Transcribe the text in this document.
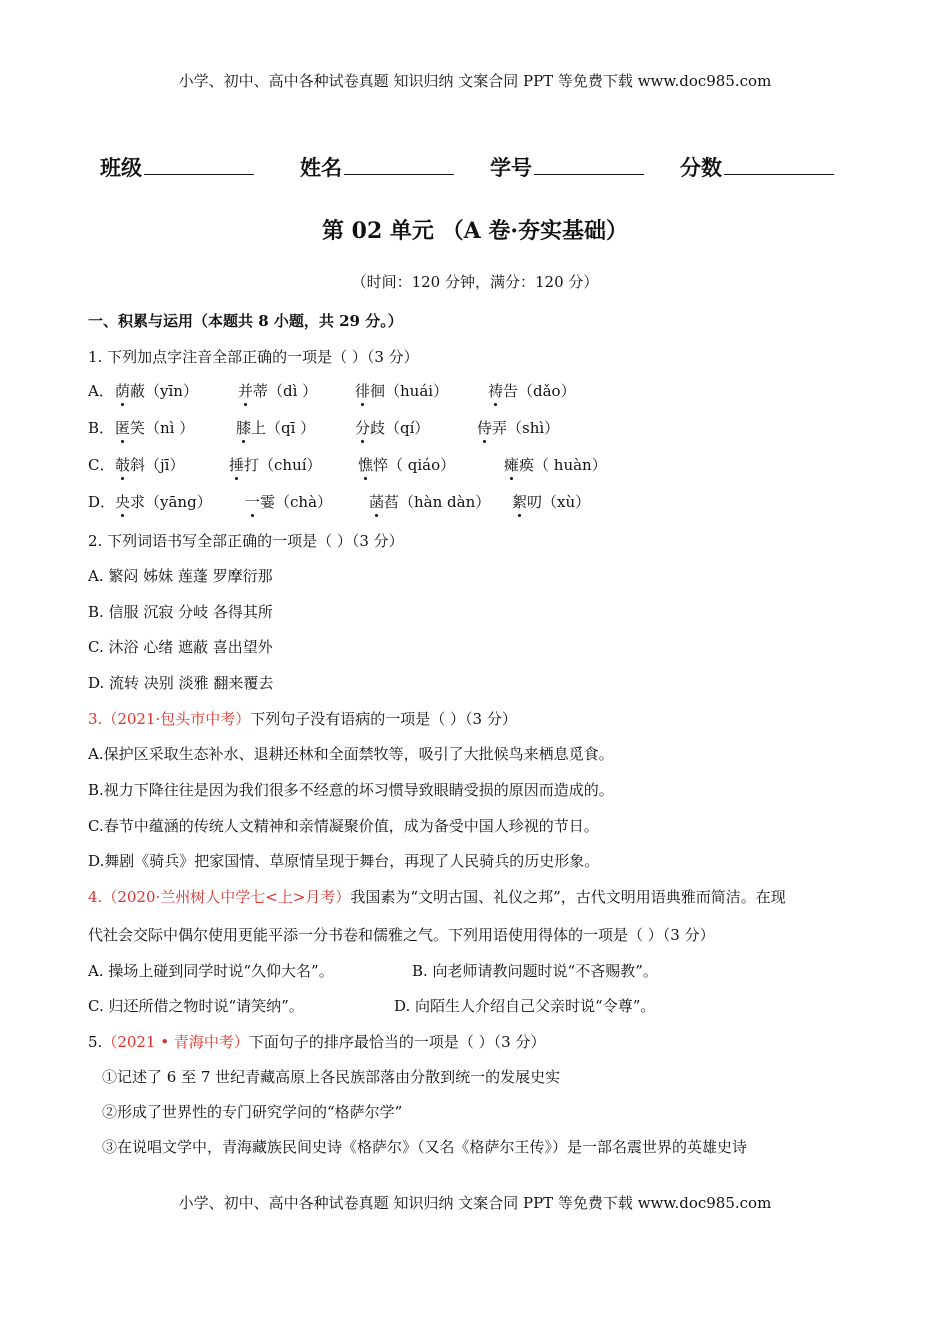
小学、初中、高中各种试卷真题 知识归纳 文案合同 PPT 等免费下载 www.doc985.com
班级	姓名	学号	分数
第 02 单元 （A 卷·夯实基础）
（时间：120 分钟，满分：120 分）
一、积累与运用（本题共 8 小题，共 29 分。）
1. 下列加点字注音全部正确的一项是（ ）（3 分）
A． 荫蔽（yīn）	并蒂（dì ）	徘徊（huái）	祷告（dǎo）
B． 匿笑（nì ）	膝上（qī ）	分歧（qí）	侍弄（shì）
C． 攲斜（jī）	捶打（chuí） 憔悴（ qiáo）	瘫痪（ huàn）
D． 央求（yāng） 一霎（chà） 菡萏（hàn dàn） 絮叨（xù）
2. 下列词语书写全部正确的一项是（ ）（3 分）
A. 繁闷 姊妹 莲蓬 罗摩衍那
B. 信服 沉寂 分岐 各得其所
C. 沐浴 心绪 遮蔽 喜出望外
D. 流转 决别 淡雅 翻来覆去
3.（2021·包头市中考）下列句子没有语病的一项是（ ）（3 分）
A.保护区采取生态补水、退耕还林和全面禁牧等，吸引了大批候鸟来栖息觅食。
B.视力下降往往是因为我们很多不经意的坏习惯导致眼睛受损的原因而造成的。
C.春节中蕴涵的传统人文精神和亲情凝聚价值，成为备受中国人珍视的节日。
D.舞剧《骑兵》把家国情、草原情呈现于舞台，再现了人民骑兵的历史形象。
4.（2020·兰州树人中学七<上>月考）我国素为“文明古国、礼仪之邦”，古代文明用语典雅而简洁。在现
代社会交际中偶尔使用更能平添一分书卷和儒雅之气。下列用语使用得体的一项是（ ）（3 分）
A. 操场上碰到同学时说“久仰大名”。	B. 向老师请教问题时说“不吝赐教”。
C. 归还所借之物时说“请笑纳”。	D. 向陌生人介绍自己父亲时说“令尊”。
5.（2021 • 青海中考）下面句子的排序最恰当的一项是（ ）（3 分）
①记述了 6 至 7 世纪青藏高原上各民族部落由分散到统一的发展史实
②形成了世界性的专门研究学问的“格萨尔学”
③在说唱文学中，青海藏族民间史诗《格萨尔》（又名《格萨尔王传》）是一部名震世界的英雄史诗
小学、初中、高中各种试卷真题 知识归纳 文案合同 PPT 等免费下载 www.doc985.com
